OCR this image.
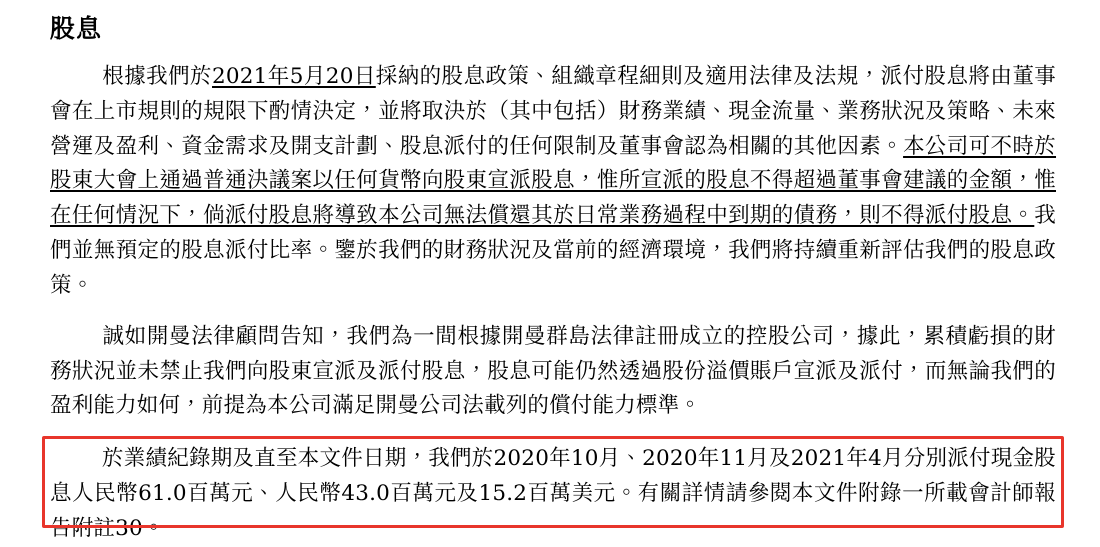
股息

根據我們於2021年5月20日採納的股息政策、組織章程細則及適用法律及法規，派付股息將由董事會在上市規則的規限下酌情決定，並將取決於（其中包括）財務業績、現金流量、業務狀況及策略、未來營運及盈利、資金需求及開支計劃、股息派付的任何限制及董事會認為相關的其他因素。本公司可不時於股東大會上通過普通決議案以任何貨幣向股東宣派股息，惟所宣派的股息不得超過董事會建議的金額，惟在任何情況下，倘派付股息將導致本公司無法償還其於日常業務過程中到期的債務，則不得派付股息。我們並無預定的股息派付比率。鑒於我們的財務狀況及當前的經濟環境，我們將持續重新評估我們的股息政策。

誠如開曼法律顧問告知，我們為一間根據開曼群島法律註冊成立的控股公司，據此，累積虧損的財務狀況並未禁止我們向股東宣派及派付股息，股息可能仍然透過股份溢價賬戶宣派及派付，而無論我們的盈利能力如何，前提為本公司滿足開曼公司法載列的償付能力標準。

於業績紀錄期及直至本文件日期，我們於2020年10月、2020年11月及2021年4月分別派付現金股息人民幣61.0百萬元、人民幣43.0百萬元及15.2百萬美元。有關詳情請參閱本文件附錄一所載會計師報告附註30。
